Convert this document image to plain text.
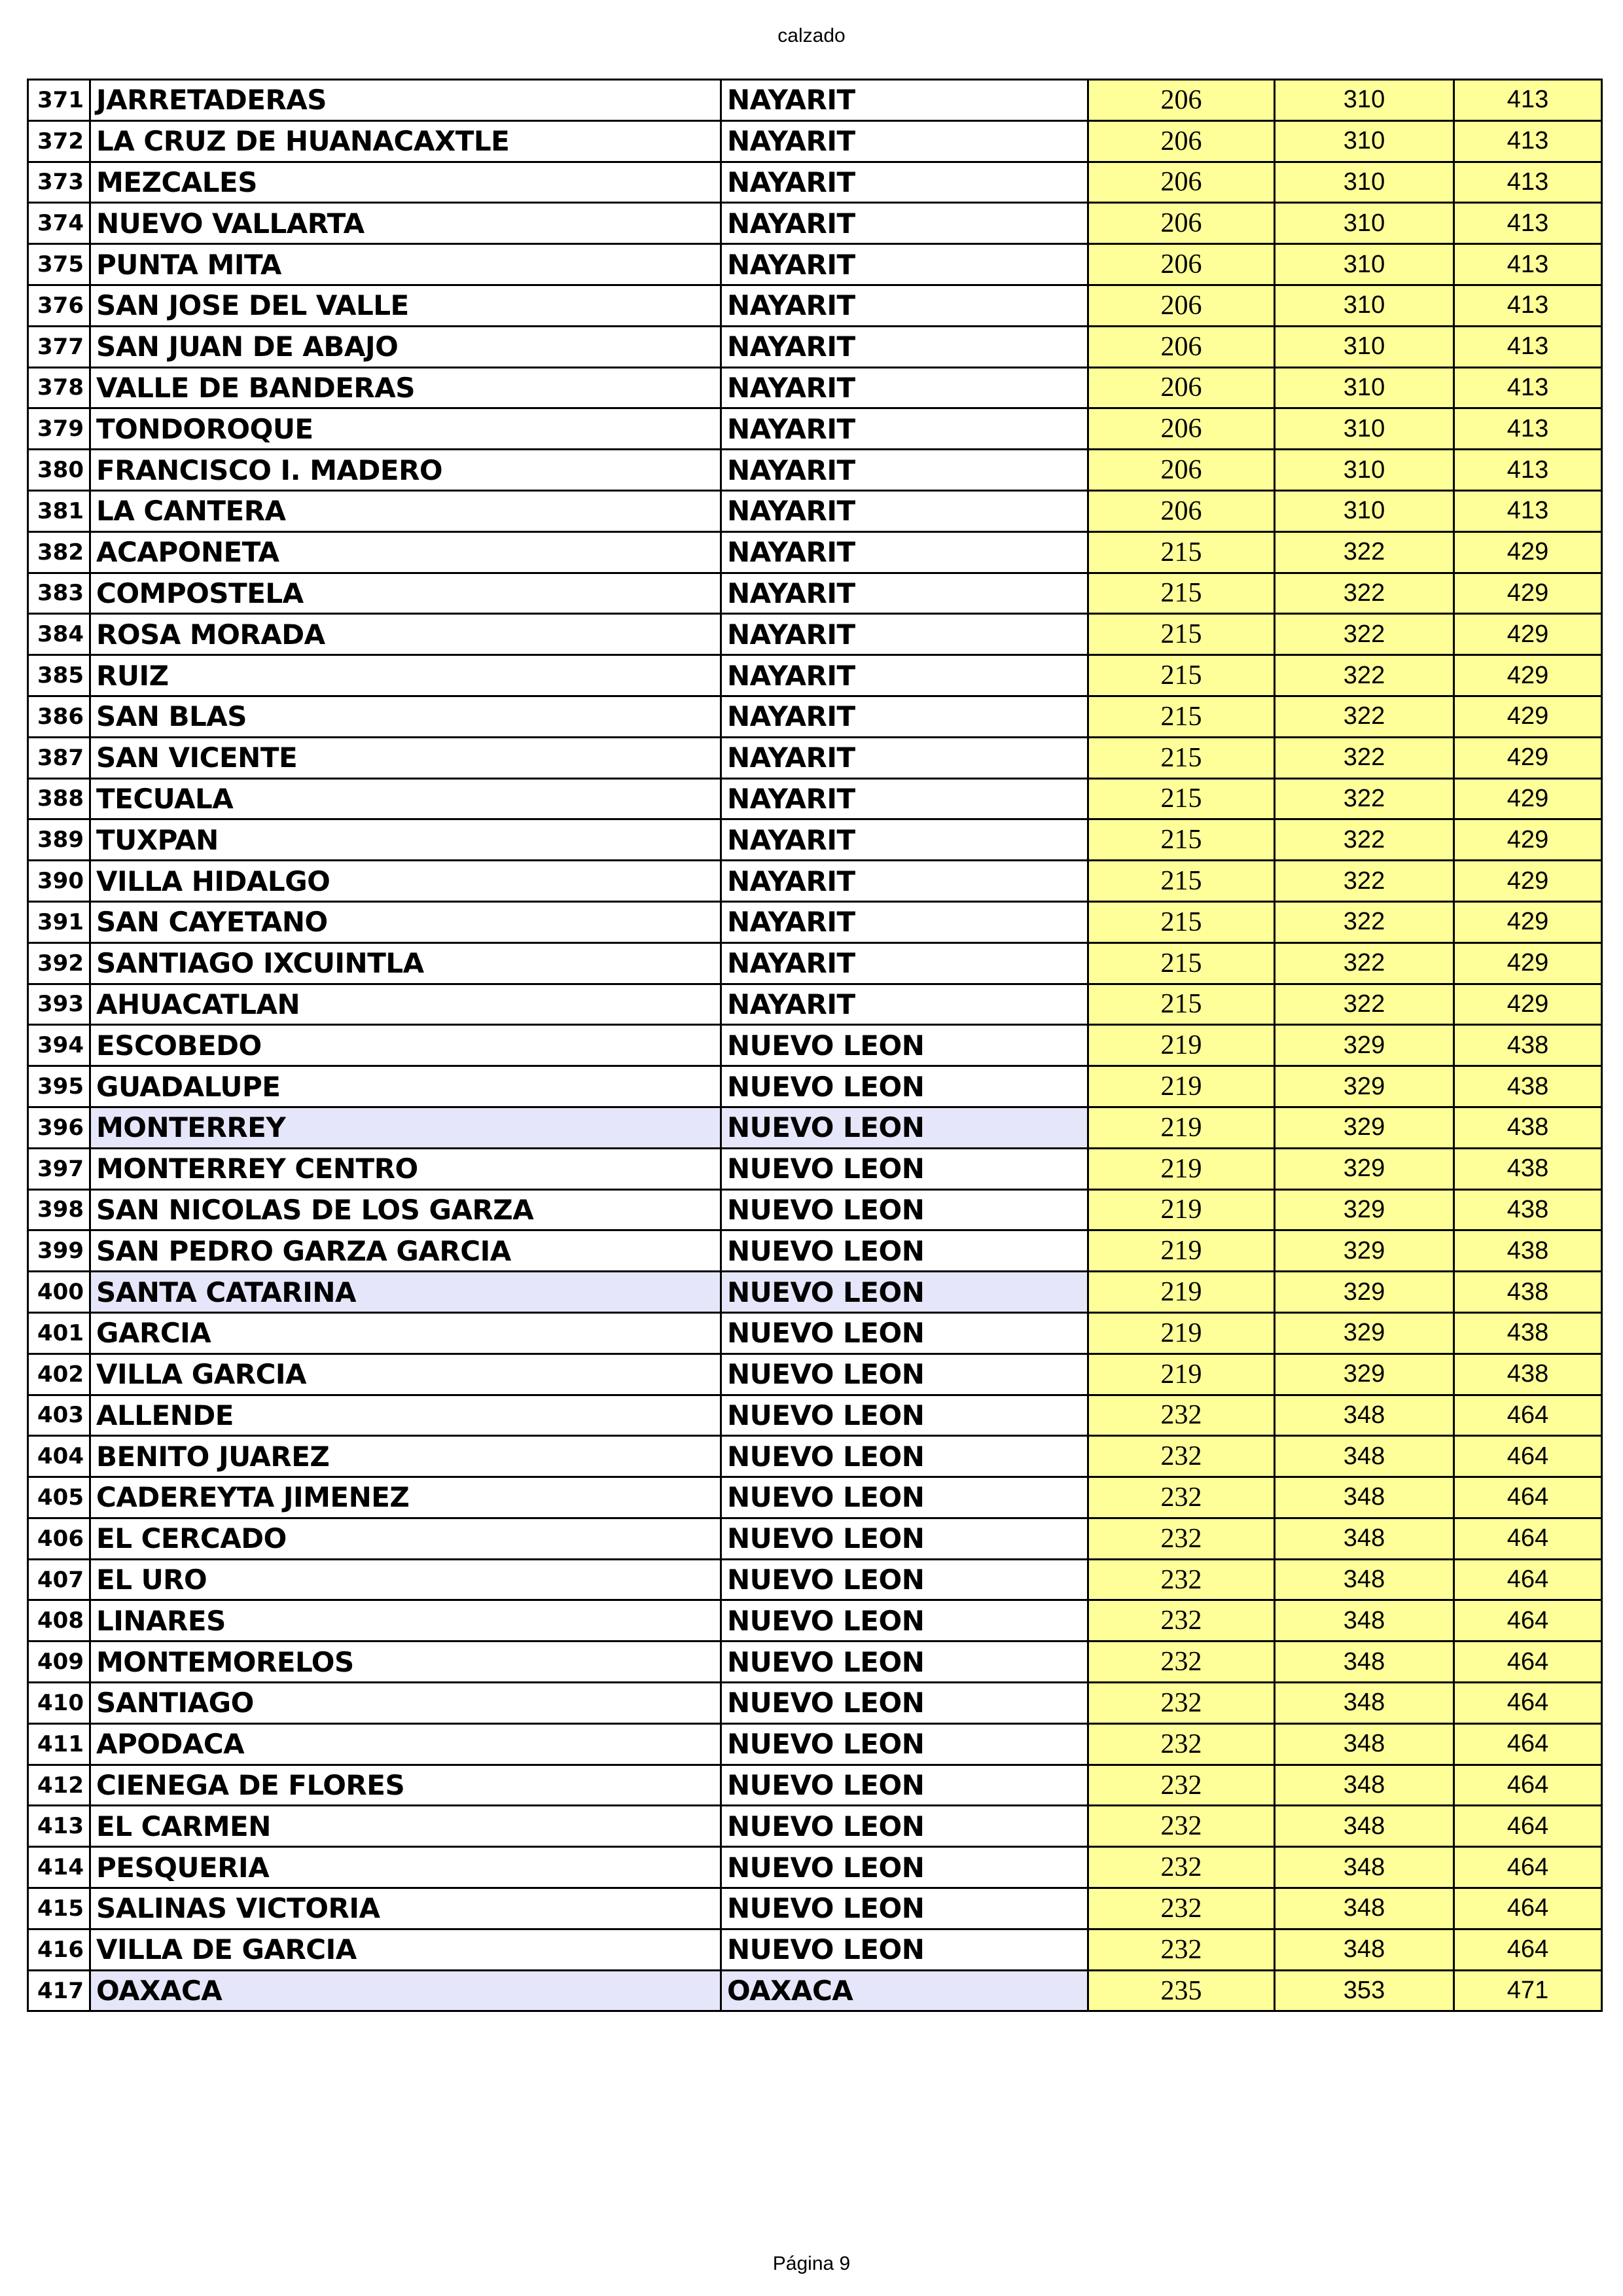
calzado
371	JARRETADERAS	NAYARIT	206	310	413
372	LA CRUZ DE HUANACAXTLE	NAYARIT	206	310	413
373	MEZCALES	NAYARIT	206	310	413
374	NUEVO VALLARTA	NAYARIT	206	310	413
375	PUNTA MITA	NAYARIT	206	310	413
376	SAN JOSE DEL VALLE	NAYARIT	206	310	413
377	SAN JUAN DE ABAJO	NAYARIT	206	310	413
378	VALLE DE BANDERAS	NAYARIT	206	310	413
379	TONDOROQUE	NAYARIT	206	310	413
380	FRANCISCO I. MADERO	NAYARIT	206	310	413
381	LA CANTERA	NAYARIT	206	310	413
382	ACAPONETA	NAYARIT	215	322	429
383	COMPOSTELA	NAYARIT	215	322	429
384	ROSA MORADA	NAYARIT	215	322	429
385	RUIZ	NAYARIT	215	322	429
386	SAN BLAS	NAYARIT	215	322	429
387	SAN VICENTE	NAYARIT	215	322	429
388	TECUALA	NAYARIT	215	322	429
389	TUXPAN	NAYARIT	215	322	429
390	VILLA HIDALGO	NAYARIT	215	322	429
391	SAN CAYETANO	NAYARIT	215	322	429
392	SANTIAGO IXCUINTLA	NAYARIT	215	322	429
393	AHUACATLAN	NAYARIT	215	322	429
394	ESCOBEDO	NUEVO LEON	219	329	438
395	GUADALUPE	NUEVO LEON	219	329	438
396	MONTERREY	NUEVO LEON	219	329	438
397	MONTERREY CENTRO	NUEVO LEON	219	329	438
398	SAN NICOLAS DE LOS GARZA	NUEVO LEON	219	329	438
399	SAN PEDRO GARZA GARCIA	NUEVO LEON	219	329	438
400	SANTA CATARINA	NUEVO LEON	219	329	438
401	GARCIA	NUEVO LEON	219	329	438
402	VILLA GARCIA	NUEVO LEON	219	329	438
403	ALLENDE	NUEVO LEON	232	348	464
404	BENITO JUAREZ	NUEVO LEON	232	348	464
405	CADEREYTA JIMENEZ	NUEVO LEON	232	348	464
406	EL CERCADO	NUEVO LEON	232	348	464
407	EL URO	NUEVO LEON	232	348	464
408	LINARES	NUEVO LEON	232	348	464
409	MONTEMORELOS	NUEVO LEON	232	348	464
410	SANTIAGO	NUEVO LEON	232	348	464
411	APODACA	NUEVO LEON	232	348	464
412	CIENEGA DE FLORES	NUEVO LEON	232	348	464
413	EL CARMEN	NUEVO LEON	232	348	464
414	PESQUERIA	NUEVO LEON	232	348	464
415	SALINAS VICTORIA	NUEVO LEON	232	348	464
416	VILLA DE GARCIA	NUEVO LEON	232	348	464
417	OAXACA	OAXACA	235	353	471
Página 9
